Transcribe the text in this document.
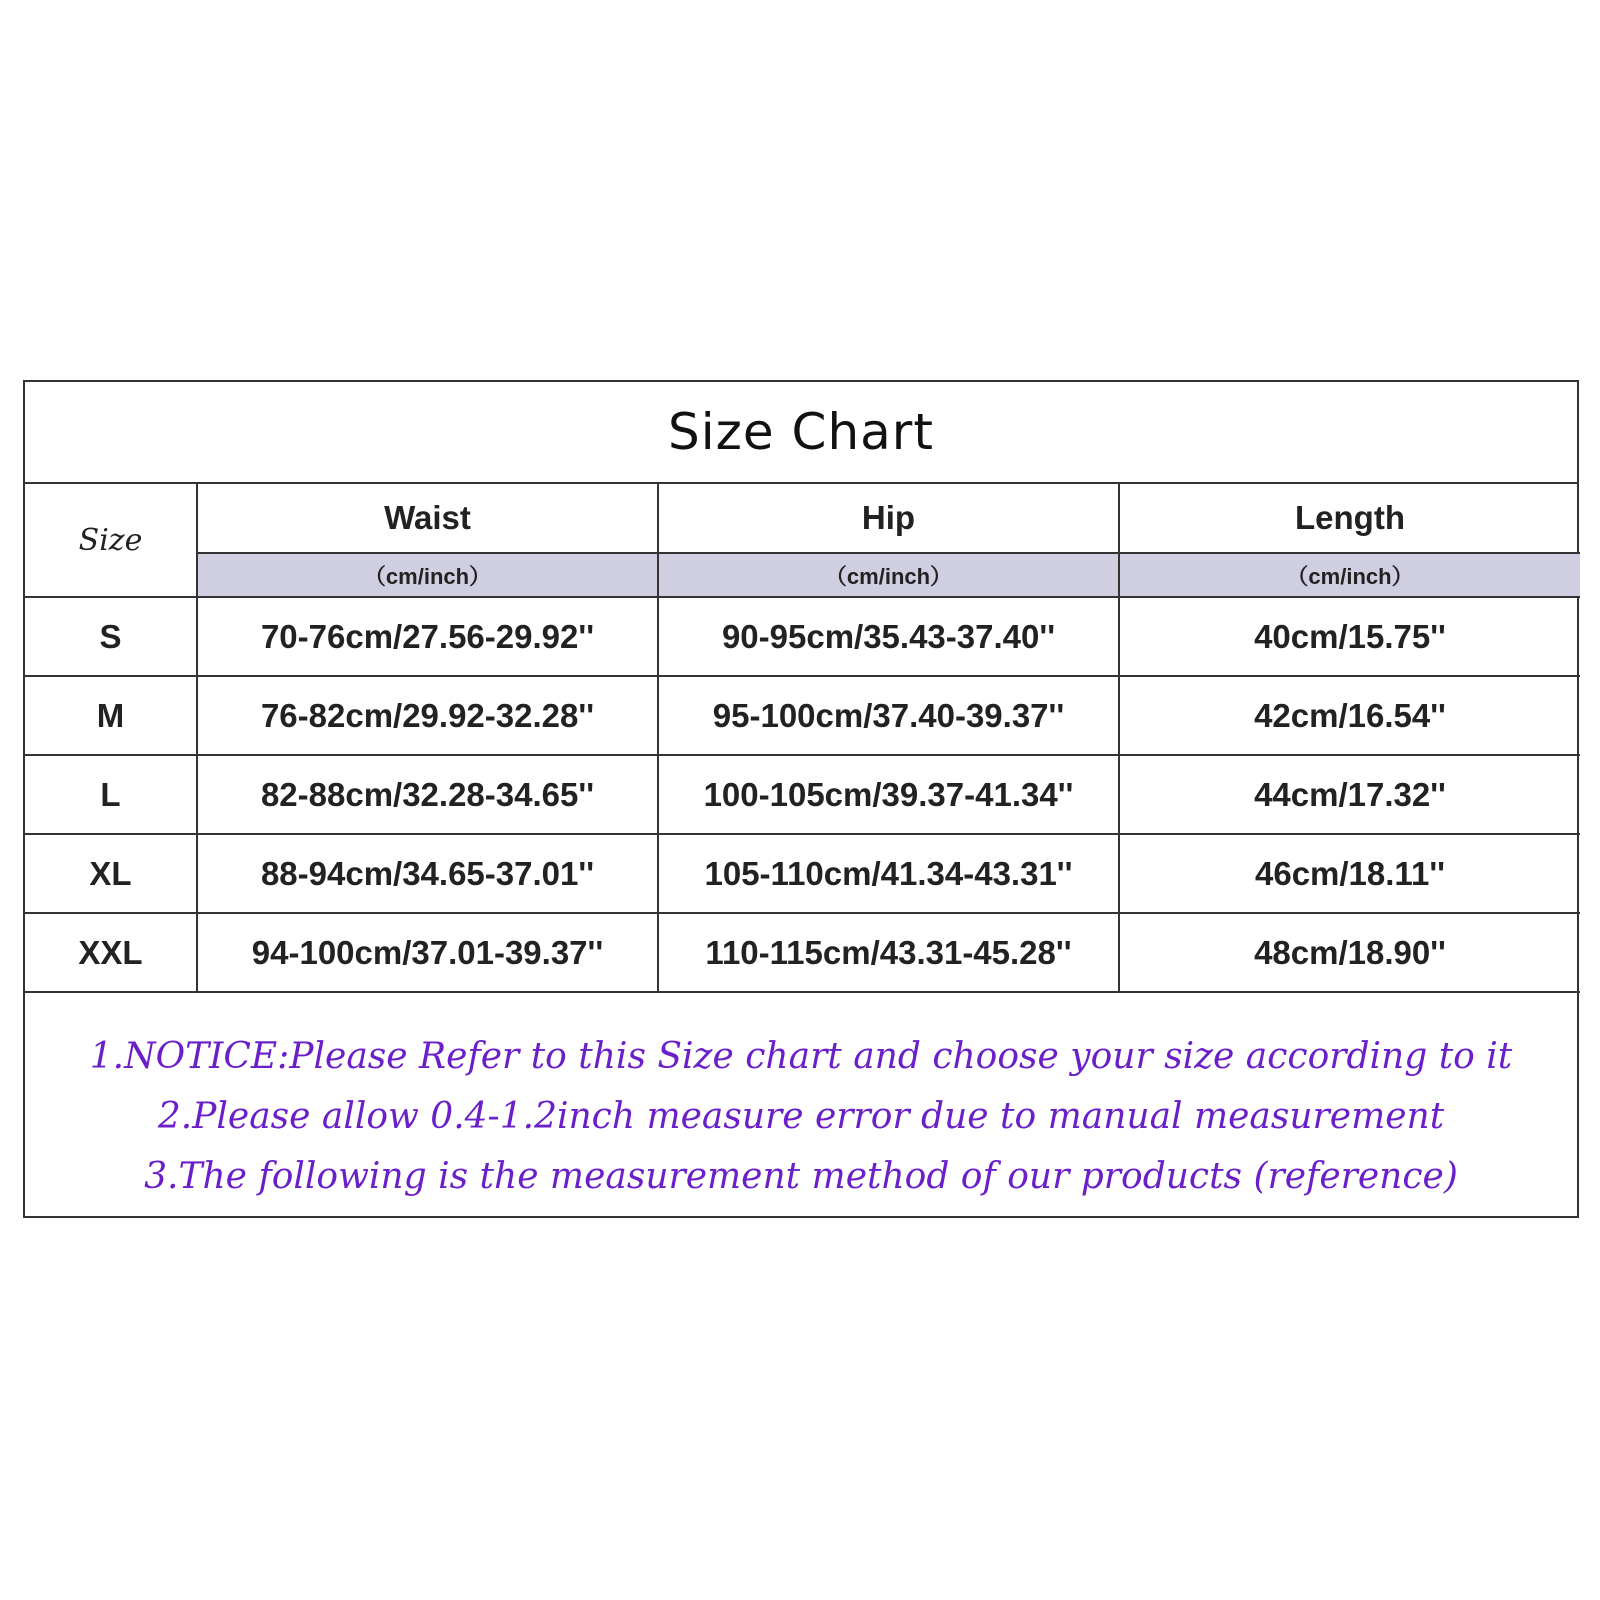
Size Chart
Size	Waist	Hip	Length
	（cm/inch）	（cm/inch）	（cm/inch）
S	70-76cm/27.56-29.92''	90-95cm/35.43-37.40''	40cm/15.75''
M	76-82cm/29.92-32.28''	95-100cm/37.40-39.37''	42cm/16.54''
L	82-88cm/32.28-34.65''	100-105cm/39.37-41.34''	44cm/17.32''
XL	88-94cm/34.65-37.01''	105-110cm/41.34-43.31''	46cm/18.11''
XXL	94-100cm/37.01-39.37''	110-115cm/43.31-45.28''	48cm/18.90''
1.NOTICE:Please Refer to this Size chart and choose your size according to it
2.Please allow 0.4-1.2inch measure error due to manual measurement
3.The following is the measurement method of our products (reference)
